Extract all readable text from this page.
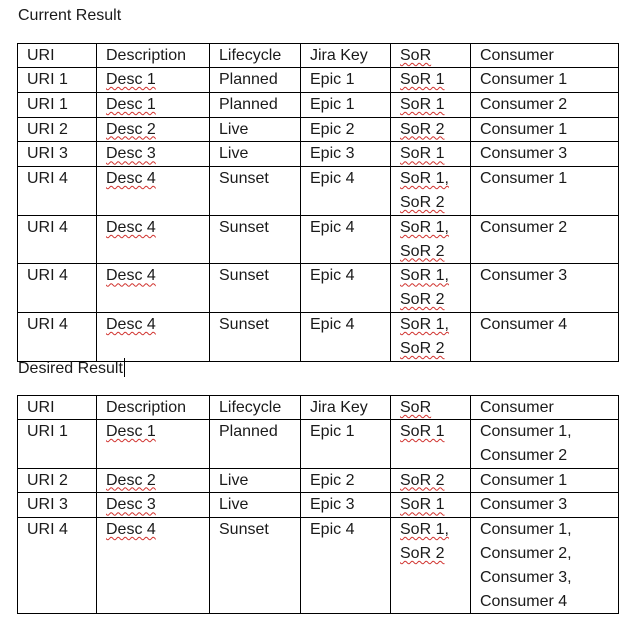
Current Result
URI	Description	Lifecycle	Jira Key	SoR	Consumer
URI 1	Desc 1	Planned	Epic 1	SoR 1	Consumer 1
URI 1	Desc 1	Planned	Epic 1	SoR 1	Consumer 2
URI 2	Desc 2	Live	Epic 2	SoR 2	Consumer 1
URI 3	Desc 3	Live	Epic 3	SoR 1	Consumer 3
URI 4	Desc 4	Sunset	Epic 4	SoR 1,
SoR 2	Consumer 1
URI 4	Desc 4	Sunset	Epic 4	SoR 1,
SoR 2	Consumer 2
URI 4	Desc 4	Sunset	Epic 4	SoR 1,
SoR 2	Consumer 3
URI 4	Desc 4	Sunset	Epic 4	SoR 1,
SoR 2	Consumer 4
Desired Result
URI	Description	Lifecycle	Jira Key	SoR	Consumer
URI 1	Desc 1	Planned	Epic 1	SoR 1	Consumer 1,
Consumer 2
URI 2	Desc 2	Live	Epic 2	SoR 2	Consumer 1
URI 3	Desc 3	Live	Epic 3	SoR 1	Consumer 3
URI 4	Desc 4	Sunset	Epic 4	SoR 1,
SoR 2	Consumer 1,
Consumer 2,
Consumer 3,
Consumer 4
